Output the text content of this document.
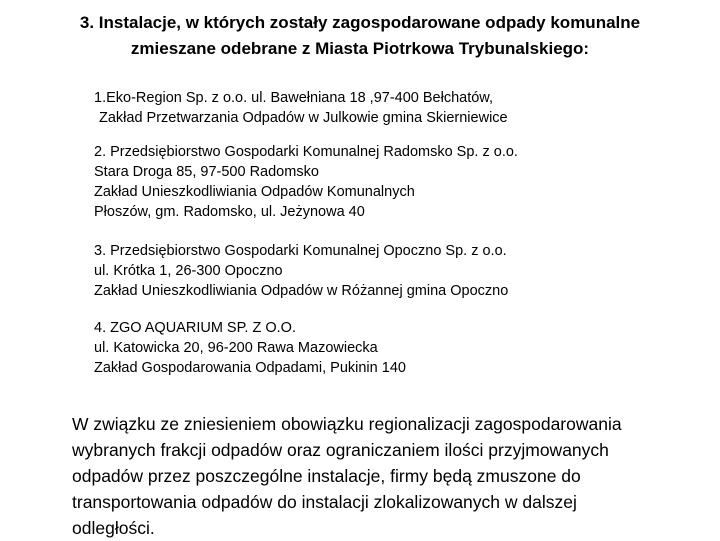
3. Instalacje, w których zostały zagospodarowane odpady komunalne
zmieszane odebrane z Miasta Piotrkowa Trybunalskiego:
1.Eko-Region Sp. z o.o. ul. Bawełniana 18 ,97-400 Bełchatów,
Zakład Przetwarzania Odpadów w Julkowie gmina Skierniewice
2. Przedsiębiorstwo Gospodarki Komunalnej Radomsko Sp. z o.o.
Stara Droga 85, 97-500 Radomsko
Zakład Unieszkodliwiania Odpadów Komunalnych
Płoszów, gm. Radomsko, ul. Jeżynowa 40
3. Przedsiębiorstwo Gospodarki Komunalnej Opoczno Sp. z o.o.
ul. Krótka 1, 26-300 Opoczno
Zakład Unieszkodliwiania Odpadów w Różannej gmina Opoczno
4. ZGO AQUARIUM SP. Z O.O.
ul. Katowicka 20, 96-200 Rawa Mazowiecka
Zakład Gospodarowania Odpadami, Pukinin 140
W związku ze zniesieniem obowiązku regionalizacji zagospodarowania
wybranych frakcji odpadów oraz ograniczaniem ilości przyjmowanych
odpadów przez poszczególne instalacje, firmy będą zmuszone do
transportowania odpadów do instalacji zlokalizowanych w dalszej
odległości.
